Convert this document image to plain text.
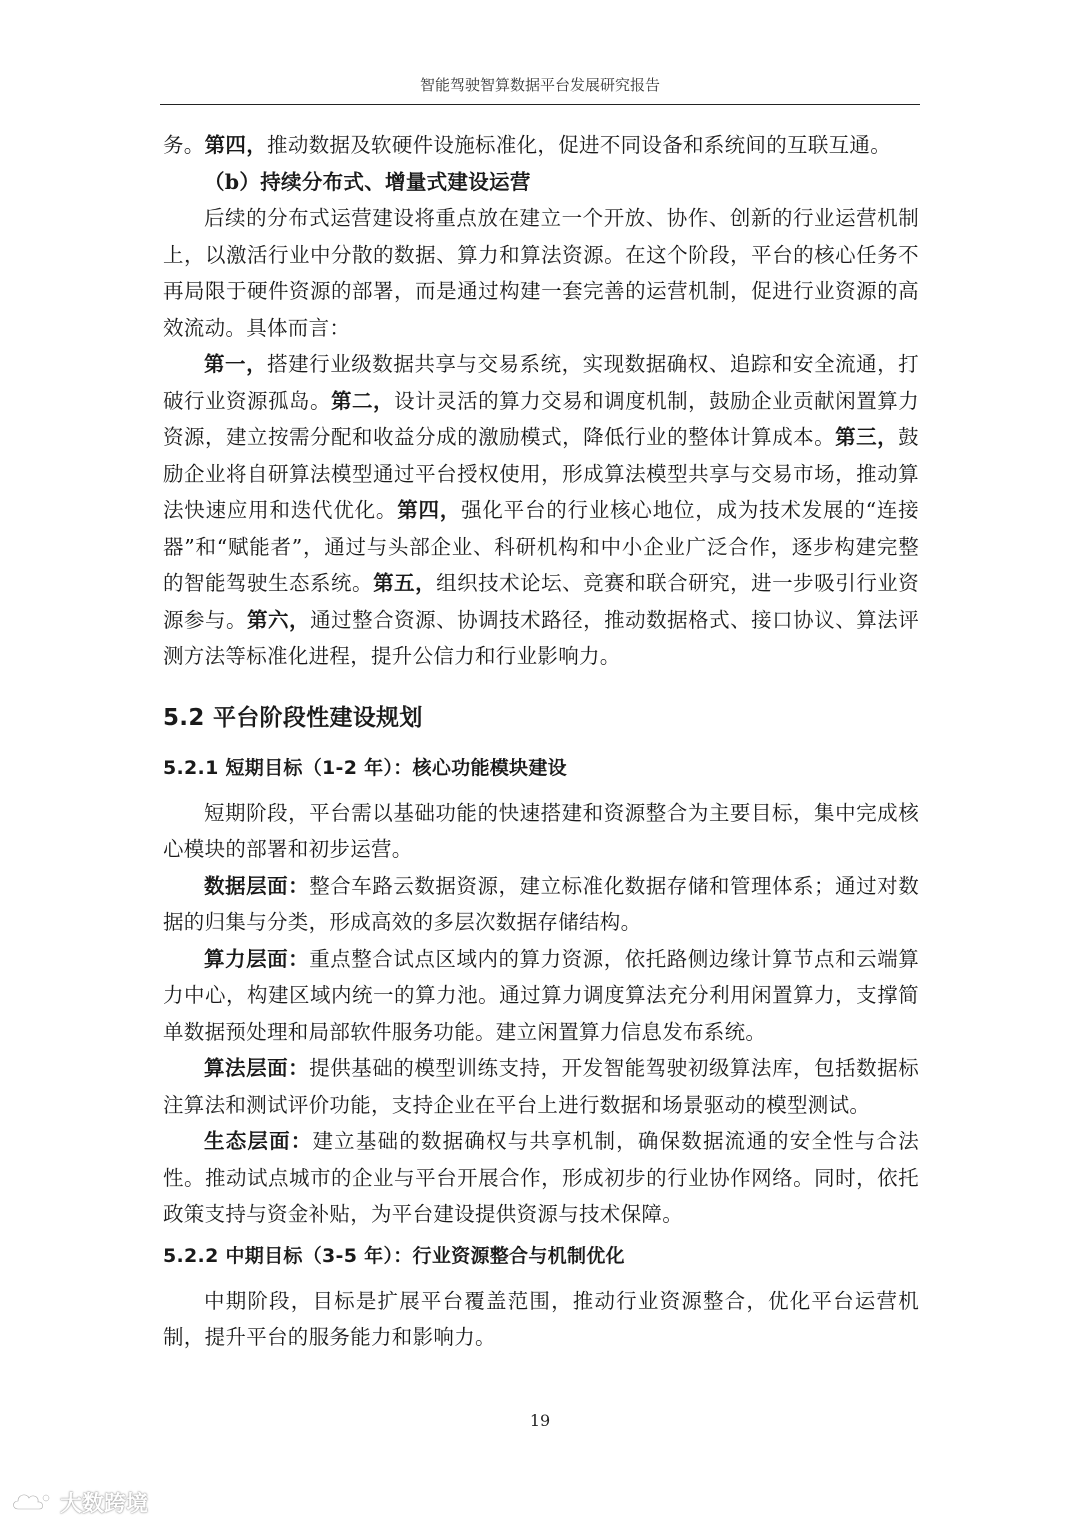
智能驾驶智算数据平台发展研究报告

务。第四，推动数据及软硬件设施标准化，促进不同设备和系统间的互联互通。

（b）持续分布式、增量式建设运营

后续的分布式运营建设将重点放在建立一个开放、协作、创新的行业运营机制上，以激活行业中分散的数据、算力和算法资源。在这个阶段，平台的核心任务不再局限于硬件资源的部署，而是通过构建一套完善的运营机制，促进行业资源的高效流动。具体而言：

第一，搭建行业级数据共享与交易系统，实现数据确权、追踪和安全流通，打破行业资源孤岛。第二，设计灵活的算力交易和调度机制，鼓励企业贡献闲置算力资源，建立按需分配和收益分成的激励模式，降低行业的整体计算成本。第三，鼓励企业将自研算法模型通过平台授权使用，形成算法模型共享与交易市场，推动算法快速应用和迭代优化。第四，强化平台的行业核心地位，成为技术发展的“连接器”和“赋能者”，通过与头部企业、科研机构和中小企业广泛合作，逐步构建完整的智能驾驶生态系统。第五，组织技术论坛、竞赛和联合研究，进一步吸引行业资源参与。第六，通过整合资源、协调技术路径，推动数据格式、接口协议、算法评测方法等标准化进程，提升公信力和行业影响力。

5.2 平台阶段性建设规划
5.2.1 短期目标（1-2 年）：核心功能模块建设

短期阶段，平台需以基础功能的快速搭建和资源整合为主要目标，集中完成核心模块的部署和初步运营。

数据层面：整合车路云数据资源，建立标准化数据存储和管理体系；通过对数据的归集与分类，形成高效的多层次数据存储结构。

算力层面：重点整合试点区域内的算力资源，依托路侧边缘计算节点和云端算力中心，构建区域内统一的算力池。通过算力调度算法充分利用闲置算力，支撑简单数据预处理和局部软件服务功能。建立闲置算力信息发布系统。

算法层面：提供基础的模型训练支持，开发智能驾驶初级算法库，包括数据标注算法和测试评价功能，支持企业在平台上进行数据和场景驱动的模型测试。

生态层面：建立基础的数据确权与共享机制，确保数据流通的安全性与合法性。推动试点城市的企业与平台开展合作，形成初步的行业协作网络。同时，依托政策支持与资金补贴，为平台建设提供资源与技术保障。

5.2.2 中期目标（3-5 年）：行业资源整合与机制优化

中期阶段，目标是扩展平台覆盖范围，推动行业资源整合，优化平台运营机制，提升平台的服务能力和影响力。

19
大数跨境
